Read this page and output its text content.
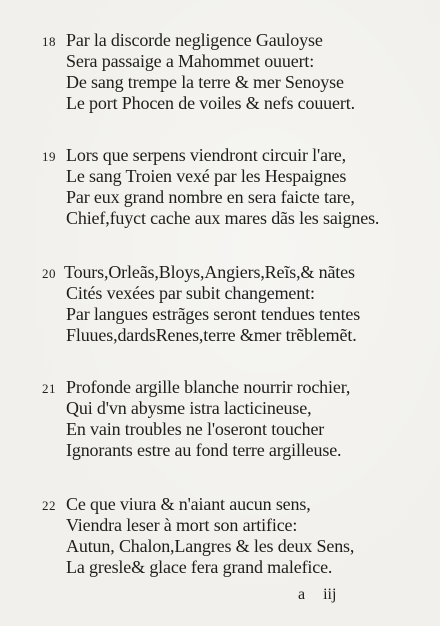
18 Par la discorde negligence Gauloyse
Sera passaige a Mahommet ouuert:
De sang trempe la terre & mer Senoyse
Le port Phocen de voiles & nefs couuert.
19 Lors que serpens viendront circuir l'are,
Le sang Troien vexé par les Hespaignes
Par eux grand nombre en sera faicte tare,
Chief,fuyct cache aux mares dãs les saignes.
20 Tours,Orleãs,Bloys,Angiers,Reĩs,& nãtes
Cités vexées par subit changement:
Par langues estrãges seront tendues tentes
Fluues,dardsRenes,terre &mer trẽblemẽt.
21 Profonde argille blanche nourrir rochier,
Qui d'vn abysme istra lacticineuse,
En vain troubles ne l'oseront toucher
Ignorants estre au fond terre argilleuse.
22 Ce que viura & n'aiant aucun sens,
Viendra leser à mort son artifice:
Autun, Chalon,Langres & les deux Sens,
La gresle& glace fera grand malefice.
a iij
